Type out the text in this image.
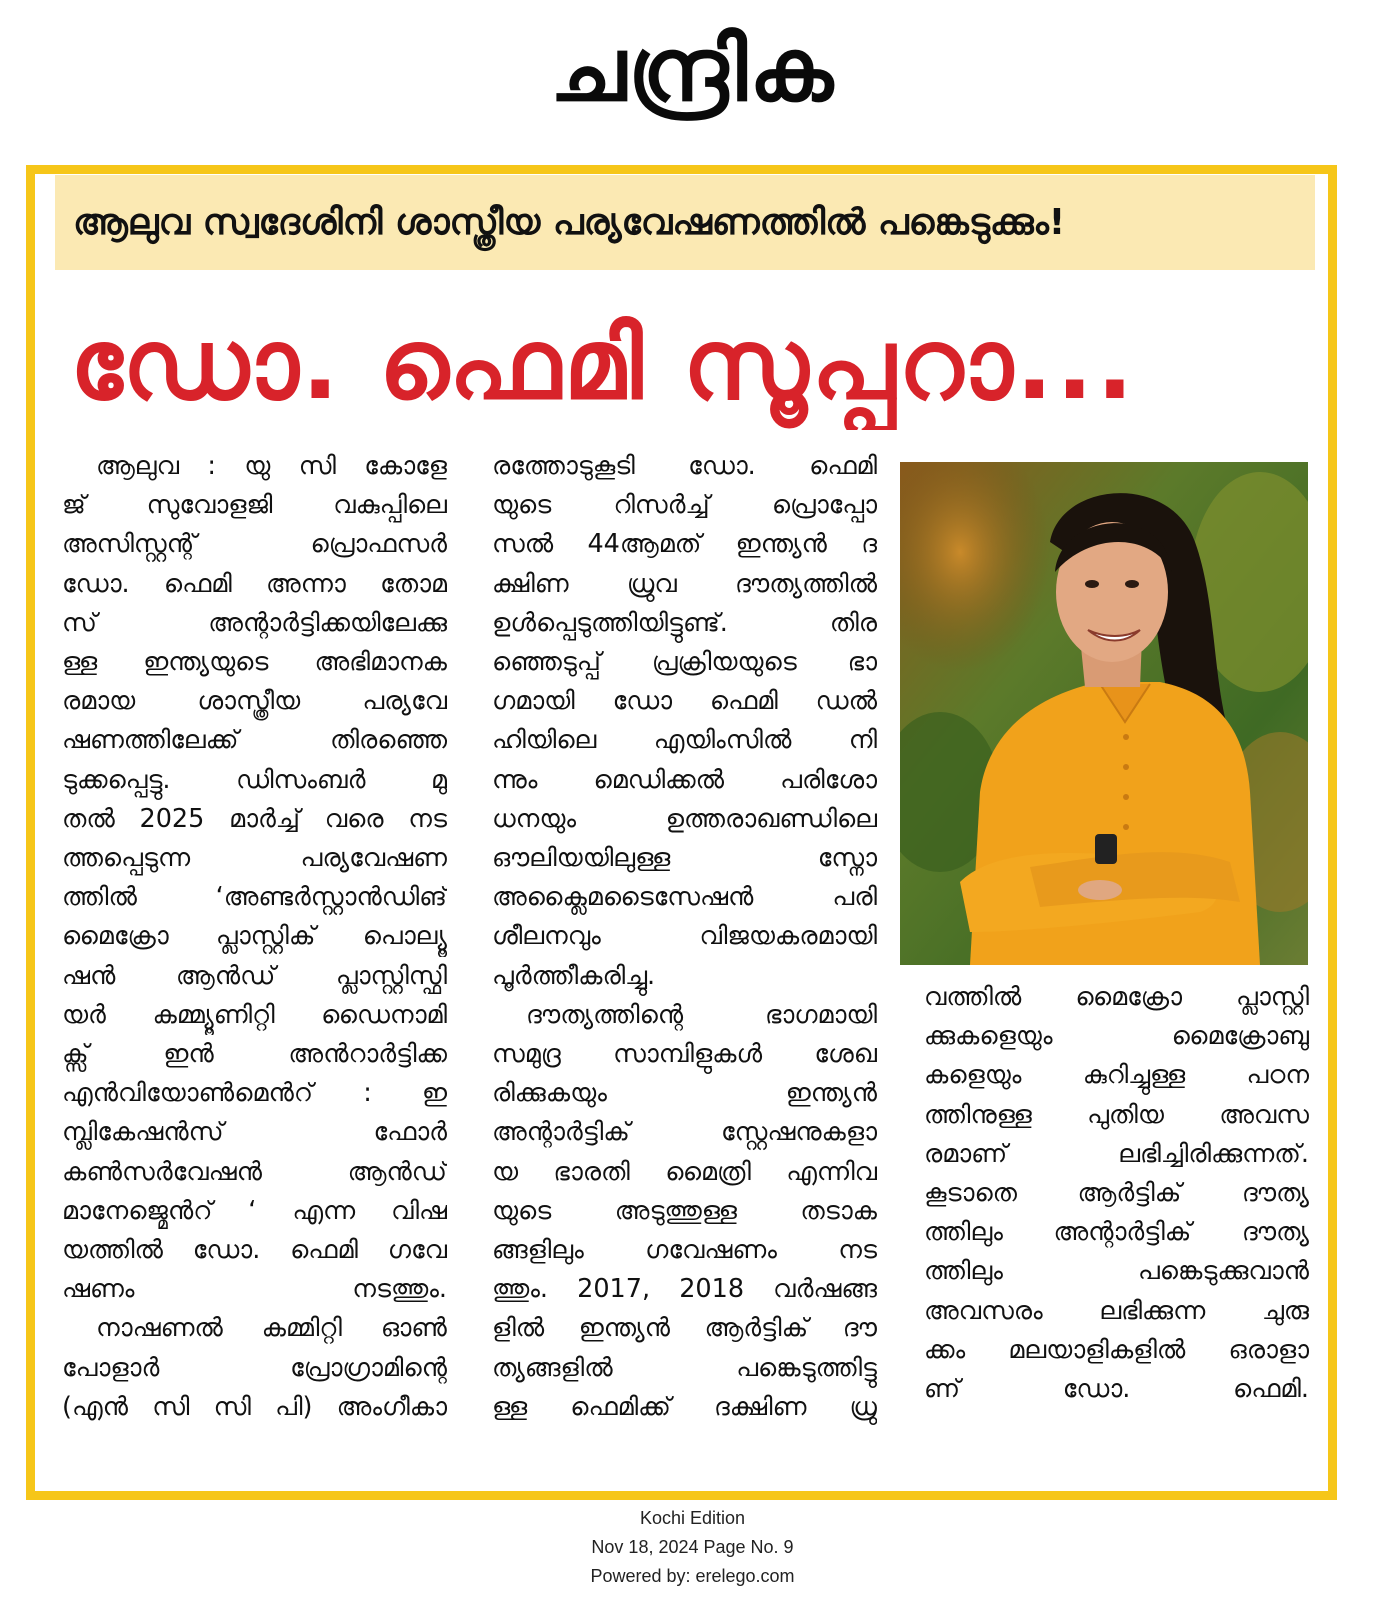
ചന്ദ്രിക
ആലുവ സ്വദേശിനി ശാസ്ത്രീയ പര്യവേഷണത്തിൽ പങ്കെടുക്കും!
ഡോ. ഫെമി സൂപ്പറാ...
ആലുവ : യു സി കോളേ
ജ് സുവോളജി വകുപ്പിലെ
അസിസ്റ്റന്റ് പ്രൊഫസർ
ഡോ. ഫെമി അന്നാ തോമ
സ് അന്റാർട്ടിക്കയിലേക്കു
ള്ള ഇന്ത്യയുടെ അഭിമാനക
രമായ ശാസ്ത്രീയ പര്യവേ
ഷണത്തിലേക്ക് തിരഞ്ഞെ
ടുക്കപ്പെട്ടു. ഡിസംബർ മു
തൽ 2025 മാർച്ച് വരെ നട
ത്തപ്പെടുന്ന പര്യവേഷണ
ത്തിൽ ‘അണ്ടർസ്റ്റാൻഡിങ്
മൈക്രോ പ്ലാസ്റ്റിക് പൊല്യൂ
ഷൻ ആൻഡ് പ്ലാസ്റ്റിസ്ഫി
യർ കമ്മ്യൂണിറ്റി ഡൈനാമി
ക്സ് ഇൻ അൻറാർട്ടിക്ക
എൻവിയോൺമെൻറ് : ഇ
മ്പ്ലികേഷൻസ് ഫോർ
കൺസർവേഷൻ ആൻഡ്
മാനേജ്മെൻറ് ‘ എന്ന വിഷ
യത്തിൽ ഡോ. ഫെമി ഗവേ
ഷണം നടത്തും.
നാഷണൽ കമ്മിറ്റി ഓൺ
പോളാർ പ്രോഗ്രാമിന്റെ
(എൻ സി സി പി) അംഗീകാ
രത്തോടുകൂടി ഡോ. ഫെമി
യുടെ റിസർച്ച് പ്രൊപ്പോ
സൽ 44ആമത് ഇന്ത്യൻ ദ
ക്ഷിണ ധ്രുവ ദൗത്യത്തിൽ
ഉൾപ്പെടുത്തിയിട്ടുണ്ട്. തിര
ഞ്ഞെടുപ്പ് പ്രക്രിയയുടെ ഭാ
ഗമായി ഡോ ഫെമി ഡൽ
ഹിയിലെ എയിംസിൽ നി
ന്നും മെഡിക്കൽ പരിശോ
ധനയും ഉത്തരാഖണ്ഡിലെ
ഔലിയയിലുള്ള സ്നോ
അക്ലൈമടൈസേഷൻ പരി
ശീലനവും വിജയകരമായി
പൂർത്തീകരിച്ചു.
ദൗത്യത്തിന്റെ ഭാഗമായി
സമുദ്ര സാമ്പിളുകൾ ശേഖ
രിക്കുകയും ഇന്ത്യൻ
അന്റാർട്ടിക് സ്റ്റേഷനുകളാ
യ ഭാരതി മൈത്രി എന്നിവ
യുടെ അടുത്തുള്ള തടാക
ങ്ങളിലും ഗവേഷണം നട
ത്തും. 2017, 2018 വർഷങ്ങ
ളിൽ ഇന്ത്യൻ ആർട്ടിക് ദൗ
ത്യങ്ങളിൽ പങ്കെടുത്തിട്ടു
ള്ള ഫെമിക്ക് ദക്ഷിണ ധ്രു
വത്തിൽ മൈക്രോ പ്ലാസ്റ്റി
ക്കുകളെയും മൈക്രോബു
കളെയും കുറിച്ചുള്ള പഠന
ത്തിനുള്ള പുതിയ അവസ
രമാണ് ലഭിച്ചിരിക്കുന്നത്.
കൂടാതെ ആർട്ടിക് ദൗത്യ
ത്തിലും അന്റാർട്ടിക് ദൗത്യ
ത്തിലും പങ്കെടുക്കുവാൻ
അവസരം ലഭിക്കുന്ന ചുരു
ക്കം മലയാളികളിൽ ഒരാളാ
ണ് ഡോ. ഫെമി.
Kochi Edition
Nov 18, 2024 Page No. 9
Powered by: erelego.com
